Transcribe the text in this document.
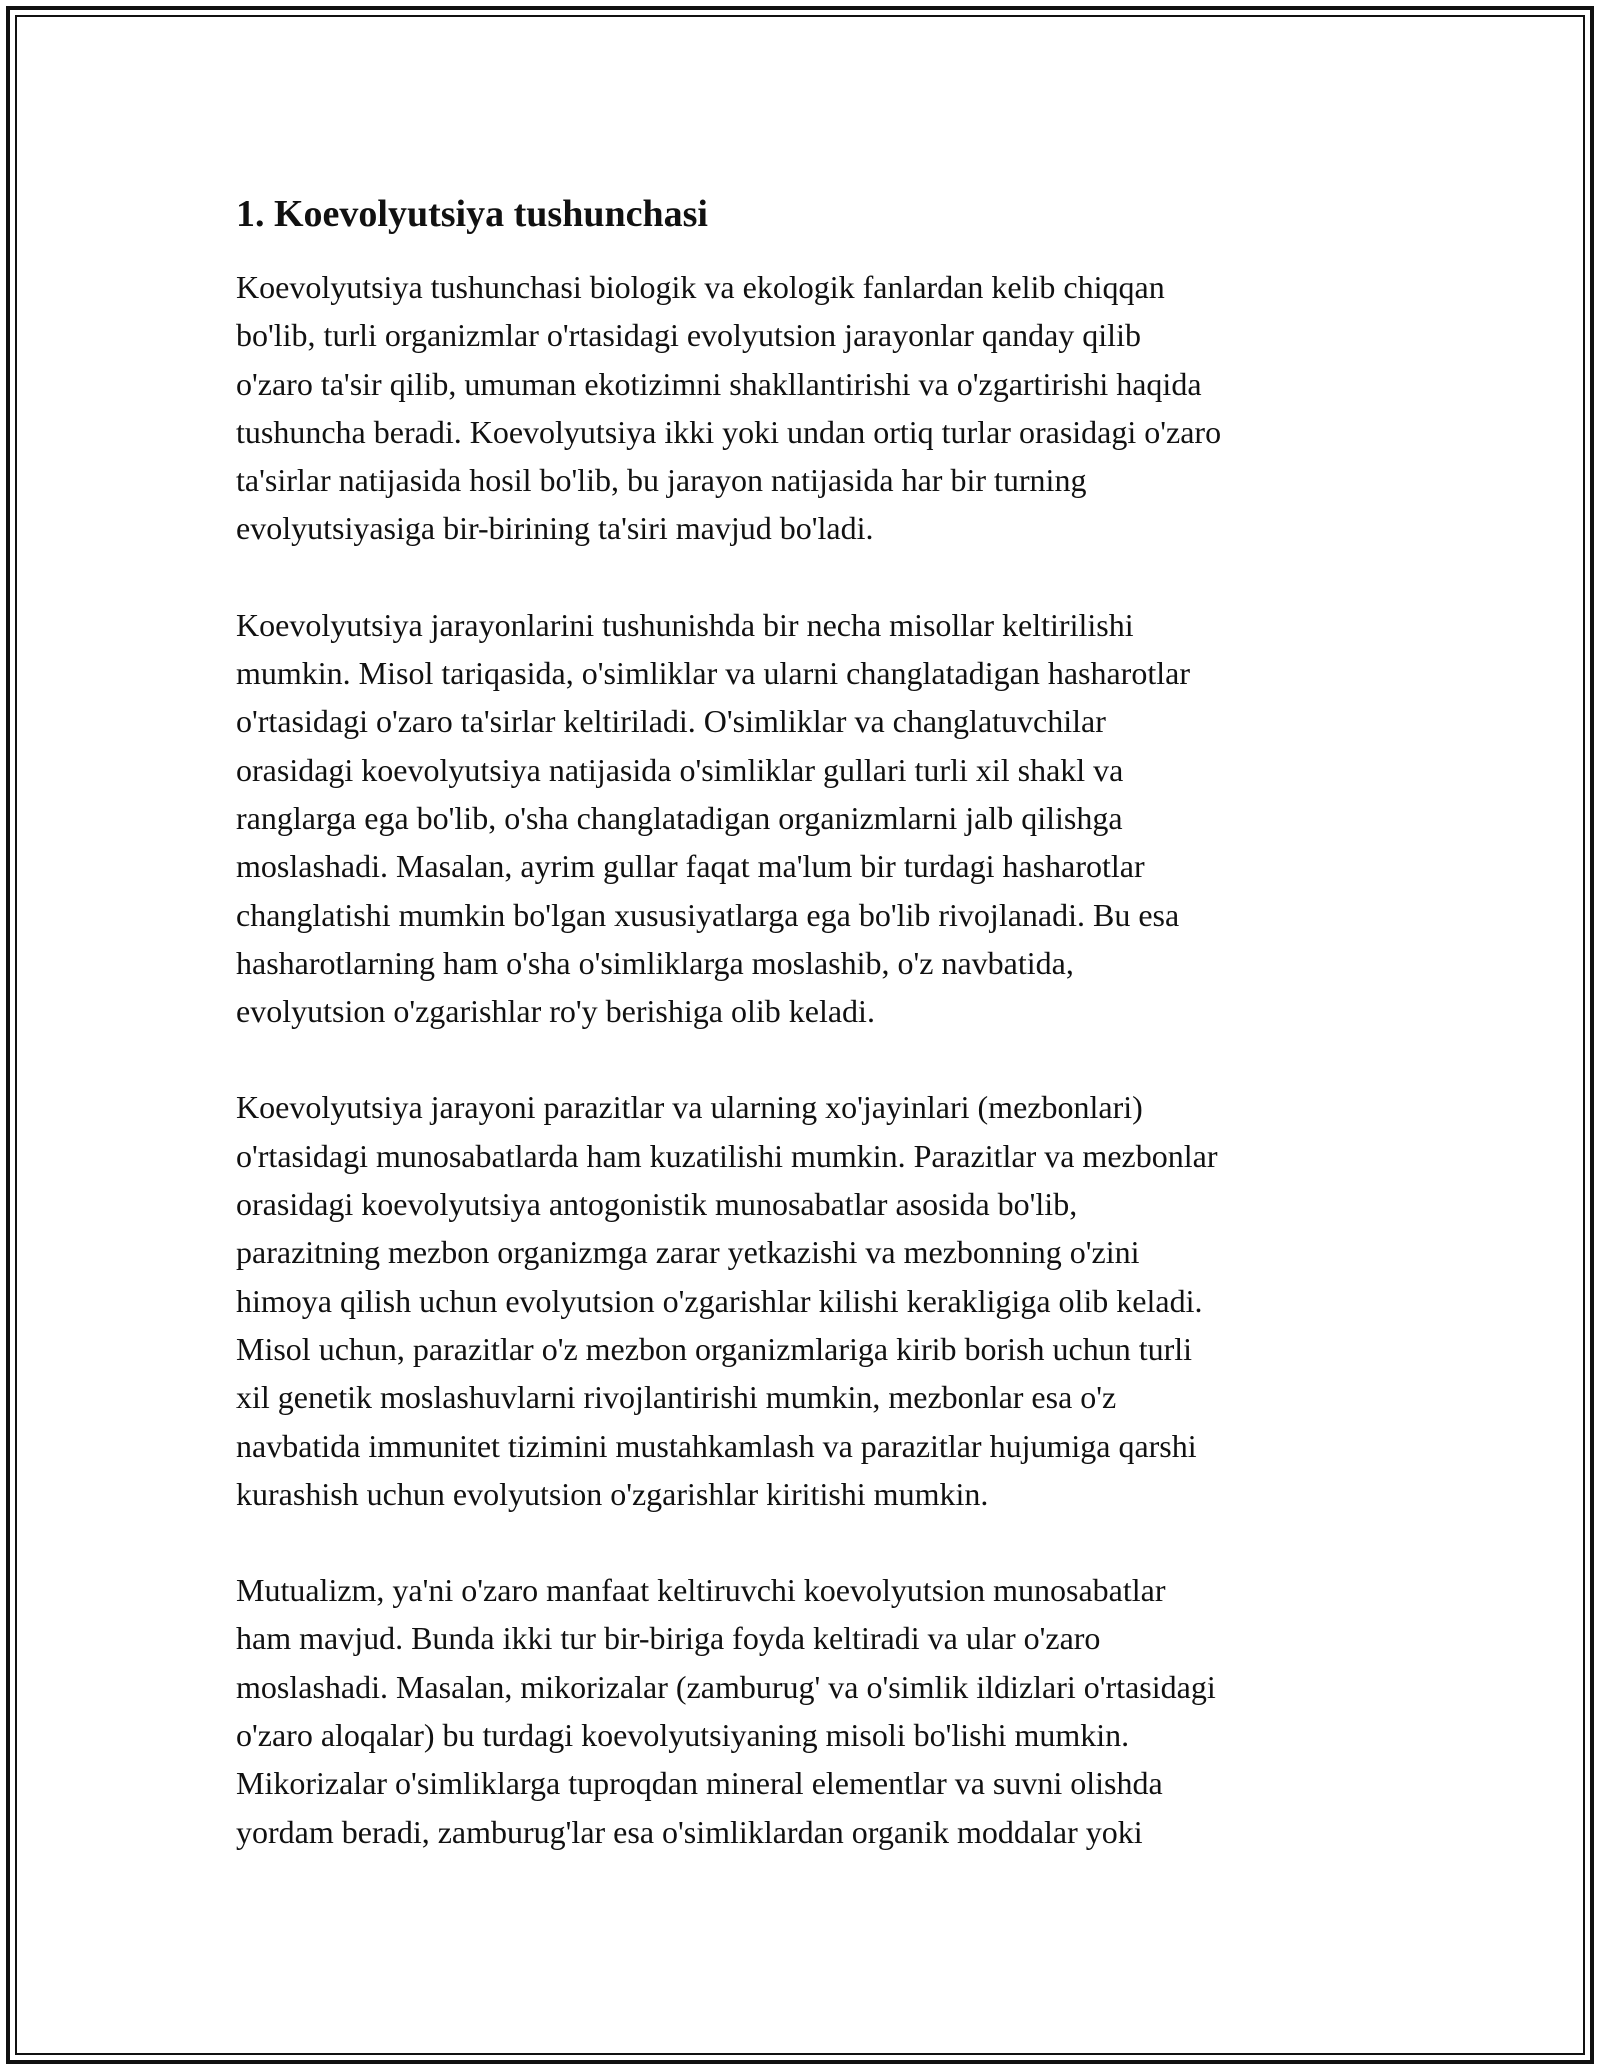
1. Koevolyutsiya tushunchasi

Koevolyutsiya tushunchasi biologik va ekologik fanlardan kelib chiqqan
bo'lib, turli organizmlar o'rtasidagi evolyutsion jarayonlar qanday qilib
o'zaro ta'sir qilib, umuman ekotizimni shakllantirishi va o'zgartirishi haqida
tushuncha beradi. Koevolyutsiya ikki yoki undan ortiq turlar orasidagi o'zaro
ta'sirlar natijasida hosil bo'lib, bu jarayon natijasida har bir turning
evolyutsiyasiga bir-birining ta'siri mavjud bo'ladi.

Koevolyutsiya jarayonlarini tushunishda bir necha misollar keltirilishi
mumkin. Misol tariqasida, o'simliklar va ularni changlatadigan hasharotlar
o'rtasidagi o'zaro ta'sirlar keltiriladi. O'simliklar va changlatuvchilar
orasidagi koevolyutsiya natijasida o'simliklar gullari turli xil shakl va
ranglarga ega bo'lib, o'sha changlatadigan organizmlarni jalb qilishga
moslashadi. Masalan, ayrim gullar faqat ma'lum bir turdagi hasharotlar
changlatishi mumkin bo'lgan xususiyatlarga ega bo'lib rivojlanadi. Bu esa
hasharotlarning ham o'sha o'simliklarga moslashib, o'z navbatida,
evolyutsion o'zgarishlar ro'y berishiga olib keladi.

Koevolyutsiya jarayoni parazitlar va ularning xo'jayinlari (mezbonlari)
o'rtasidagi munosabatlarda ham kuzatilishi mumkin. Parazitlar va mezbonlar
orasidagi koevolyutsiya antogonistik munosabatlar asosida bo'lib,
parazitning mezbon organizmga zarar yetkazishi va mezbonning o'zini
himoya qilish uchun evolyutsion o'zgarishlar kilishi kerakligiga olib keladi.
Misol uchun, parazitlar o'z mezbon organizmlariga kirib borish uchun turli
xil genetik moslashuvlarni rivojlantirishi mumkin, mezbonlar esa o'z
navbatida immunitet tizimini mustahkamlash va parazitlar hujumiga qarshi
kurashish uchun evolyutsion o'zgarishlar kiritishi mumkin.

Mutualizm, ya'ni o'zaro manfaat keltiruvchi koevolyutsion munosabatlar
ham mavjud. Bunda ikki tur bir-biriga foyda keltiradi va ular o'zaro
moslashadi. Masalan, mikorizalar (zamburug' va o'simlik ildizlari o'rtasidagi
o'zaro aloqalar) bu turdagi koevolyutsiyaning misoli bo'lishi mumkin.
Mikorizalar o'simliklarga tuproqdan mineral elementlar va suvni olishda
yordam beradi, zamburug'lar esa o'simliklardan organik moddalar yoki
